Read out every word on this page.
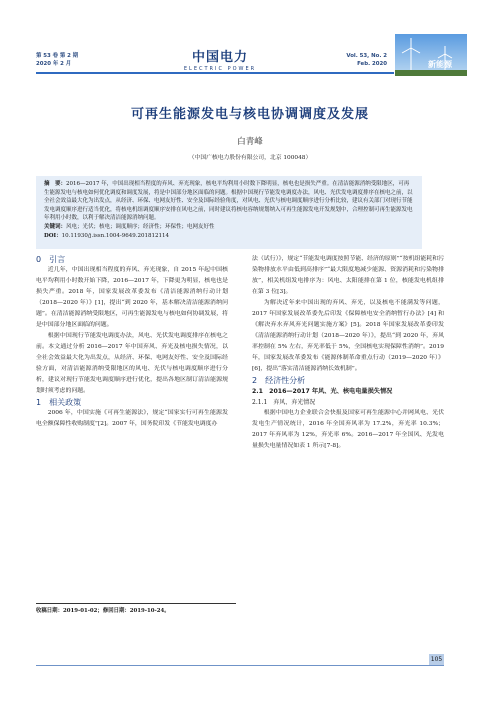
第 53 卷 第 2 期
2020 年 2 月	中国电力
ELECTRIC POWER
Vol. 53, No. 2
Feb. 2020	新能源
可再生能源发电与核电协调调度及发展
白青峰
（中国广核电力股份有限公司，北京 100048）
摘　要：2016—2017 年，中国出现相当程度的弃风、弃光现象，核电平均利用小时数下降明显，核电也是损失严重。在清洁能源消纳受限地区，可再生能源发电与核电如何优化调度和调度发展，将是中国部分地区面临的问题。根据中国现行节能发电调度办法，风电、光伏发电调度排序在核电之前，以全社会效益最大化为出发点，从经济、环保、电网友好性、安全及国际经验角度，对风电、光伏与核电调度顺序进行分析比较，建议有关部门对现行节能发电调度顺序进行适当优化，将核电机组调度顺序安排在风电之前，同时建议将核电容纳规划纳入可再生能源发电开发规划中，合理控制可再生能源发电年利用小时数，以利于解决清洁能源消纳问题。
关键词：风电；光伏；核电；调度顺序；经济性；环保性；电网友好性
DOI：10.11930/j.issn.1004-9649.201812114

0　引言

近几年，中国出现相当程度的弃风、弃光现象，自 2015 年起中国核电平均利用小时数开始下降，2016—2017 年，下降更为明显，核电也是损失严重。2018 年，国家发展改革委发布《清洁能源消纳行动计划（2018—2020 年）》[1]，提出“到 2020 年，基本解决清洁能源消纳问题”。在清洁能源消纳受限地区，可再生能源发电与核电如何协调发展，将是中国部分地区面临的问题。

根据中国现行节能发电调度办法，风电、光伏发电调度排序在核电之前。本文通过分析 2016—2017 年中国弃风、弃光及核电损失情况，以全社会效益最大化为出发点，从经济、环保、电网友好性、安全及国际经验方面，对清洁能源消纳受限地区的风电、光伏与核电调度顺序进行分析，建议对现行节能发电调度顺序进行优化，提出各地区制订清洁能源规划时须考虑的问题。

1　相关政策

2006 年，中国实施《可再生能源法》，规定“国家实行可再生能源发电全额保障性收购制度”[2]。2007 年，国务院印发《节能发电调度办

法（试行）》，规定“节能发电调度按照节能、经济的原则”“按机组能耗和污染物排放水平由低到高排序”“最大限度地减少能源、资源消耗和污染物排放”，相关机组发电排序为：风电、太阳能排在第 1 位，核能发电机组排在第 3 位[3]。

为解决近年来中国出现的弃风、弃光，以及核电不能满发等问题，2017 年国家发展改革委先后印发《保障核电安全消纳暂行办法》[4] 和《解决弃水弃风弃光问题实施方案》[5]。2018 年国家发展改革委印发《清洁能源消纳行动计划（2018—2020 年）》，提出“到 2020 年，弃风率控制在 5% 左右，弃光率低于 5%，全国核电实现保障性消纳”。2019 年，国家发展改革委发布《能源体制革命重点行动（2019—2020 年）》[6]，提出“落实清洁能源消纳长效机制”。

2　经济性分析

2.1　2016—2017 年风、光、核电电量损失情况

2.1.1　弃风、弃光情况

根据中国电力企业联合会快报及国家可再生能源中心并网风电、光伏发电生产情况统计，2016 年全国弃风率为 17.2%，弃光率 10.3%；2017 年弃风率为 12%，弃光率 6%。2016—2017 年全国风、光发电量损失电量情况如表 1 所示[7-8]。

收稿日期：2019-01-02；修回日期：2019-10-24。
105
